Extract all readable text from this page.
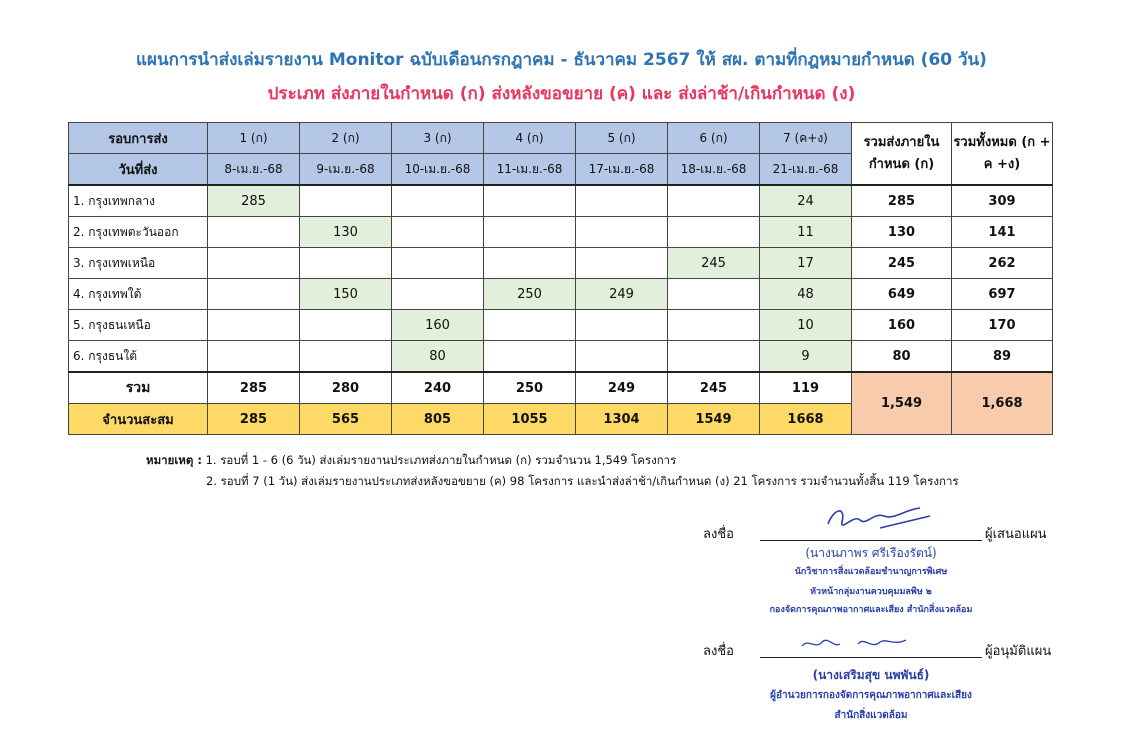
แผนการนำส่งเล่มรายงาน Monitor ฉบับเดือนกรกฎาคม - ธันวาคม 2567 ให้ สผ. ตามที่กฎหมายกำหนด (60 วัน)
ประเภท ส่งภายในกำหนด (ก) ส่งหลังขอขยาย (ค) และ ส่งล่าช้า/เกินกำหนด (ง)
รอบการส่ง	1 (ก)	2 (ก)	3 (ก)	4 (ก)	5 (ก)	6 (ก)	7 (ค+ง)	รวมส่งภายใน กำหนด (ก)	รวมทั้งหมด (ก + ค +ง)
วันที่ส่ง	8-เม.ย.-68	9-เม.ย.-68	10-เม.ย.-68	11-เม.ย.-68	17-เม.ย.-68	18-เม.ย.-68	21-เม.ย.-68		
1. กรุงเทพกลาง	285						24	285	309
2. กรุงเทพตะวันออก		130					11	130	141
3. กรุงเทพเหนือ						245	17	245	262
4. กรุงเทพใต้		150		250	249		48	649	697
5. กรุงธนเหนือ			160				10	160	170
6. กรุงธนใต้			80				9	80	89
รวม	285	280	240	250	249	245	119	1,549	1,668
จำนวนสะสม	285	565	805	1055	1304	1549	1668		
หมายเหตุ : 1. รอบที่ 1 - 6 (6 วัน) ส่งเล่มรายงานประเภทส่งภายในกำหนด (ก) รวมจำนวน 1,549 โครงการ
2. รอบที่ 7 (1 วัน) ส่งเล่มรายงานประเภทส่งหลังขอขยาย (ค) 98 โครงการ และนำส่งล่าช้า/เกินกำหนด (ง) 21 โครงการ รวมจำนวนทั้งสิ้น 119 โครงการ
ลงชื่อ	ผู้เสนอแผน
(นางนภาพร ศรีเรืองรัตน์)
นักวิชาการสิ่งแวดล้อมชำนาญการพิเศษ
หัวหน้ากลุ่มงานควบคุมมลพิษ ๒
กองจัดการคุณภาพอากาศและเสียง สำนักสิ่งแวดล้อม
ลงชื่อ	ผู้อนุมัติแผน
(นางเสริมสุข นพพันธ์)
ผู้อำนวยการกองจัดการคุณภาพอากาศและเสียง
สำนักสิ่งแวดล้อม
